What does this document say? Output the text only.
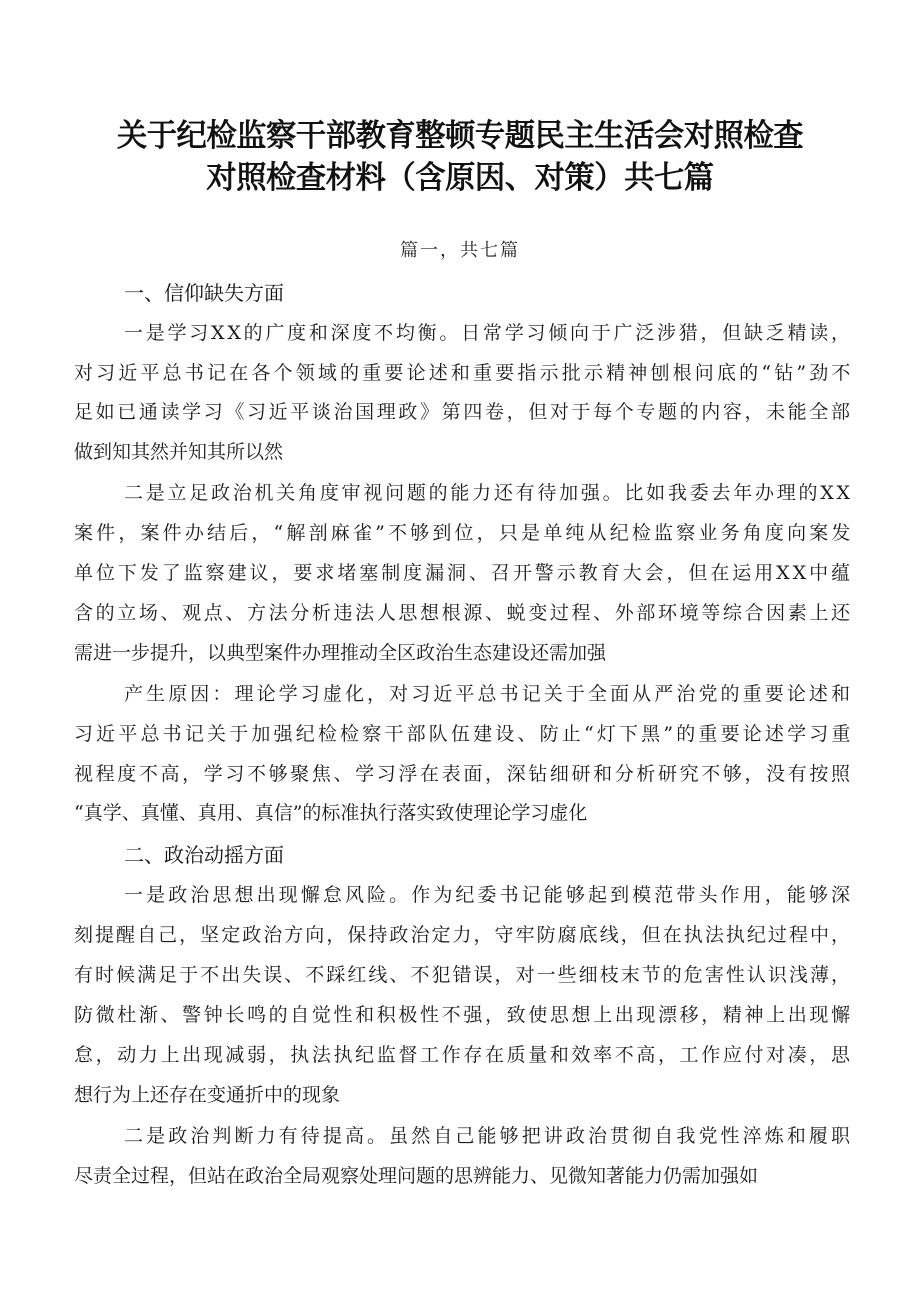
关于纪检监察干部教育整顿专题民主生活会对照检查
对照检查材料（含原因、对策）共七篇
篇一，共七篇
一、信仰缺失方面
一是学习XX的广度和深度不均衡。日常学习倾向于广泛涉猎，但缺乏精读，
对习近平总书记在各个领域的重要论述和重要指示批示精神刨根问底的“钻”劲不
足如已通读学习《习近平谈治国理政》第四卷，但对于每个专题的内容，未能全部
做到知其然并知其所以然
二是立足政治机关角度审视问题的能力还有待加强。比如我委去年办理的XX
案件，案件办结后，“解剖麻雀”不够到位，只是单纯从纪检监察业务角度向案发
单位下发了监察建议，要求堵塞制度漏洞、召开警示教育大会，但在运用XX中蕴
含的立场、观点、方法分析违法人思想根源、蜕变过程、外部环境等综合因素上还
需进一步提升，以典型案件办理推动全区政治生态建设还需加强
产生原因：理论学习虚化，对习近平总书记关于全面从严治党的重要论述和
习近平总书记关于加强纪检检察干部队伍建设、防止“灯下黑”的重要论述学习重
视程度不高，学习不够聚焦、学习浮在表面，深钻细研和分析研究不够，没有按照
“真学、真懂、真用、真信”的标准执行落实致使理论学习虚化
二、政治动摇方面
一是政治思想出现懈怠风险。作为纪委书记能够起到模范带头作用，能够深
刻提醒自己，坚定政治方向，保持政治定力，守牢防腐底线，但在执法执纪过程中，
有时候满足于不出失误、不踩红线、不犯错误，对一些细枝末节的危害性认识浅薄，
防微杜渐、警钟长鸣的自觉性和积极性不强，致使思想上出现漂移，精神上出现懈
怠，动力上出现减弱，执法执纪监督工作存在质量和效率不高，工作应付对凑，思
想行为上还存在变通折中的现象
二是政治判断力有待提高。虽然自己能够把讲政治贯彻自我党性淬炼和履职
尽责全过程，但站在政治全局观察处理问题的思辨能力、见微知著能力仍需加强如
